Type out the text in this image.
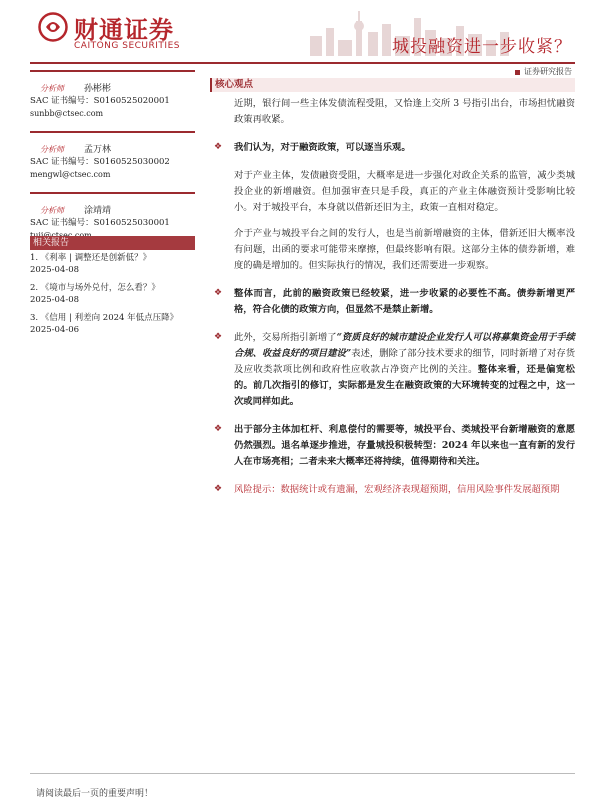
财通证券
CAITONG SECURITIES	城投融资进一步收紧？
证券研究报告
分析师 孙彬彬
SAC 证书编号：S0160525020001
sunbb@ctsec.com
分析师 孟万林
SAC 证书编号：S0160525030002
mengwl@ctsec.com
分析师 涂靖靖
SAC 证书编号：S0160525030001
相关报告
1. 《利率 | 调整还是创新低？》
2025-04-08
2. 《境市与场外兑付，怎么看？》
2025-04-08
3. 《信用 | 利差向 2024 年低点压降》
2025-04-06
核心观点

近期，银行间一些主体发债流程受阻，又恰逢上交所 3 号指引出台，市场担忧融资政策再收紧。

❖ 我们认为，对于融资政策，可以逐当乐观。

对于产业主体，发债融资受阻，大概率是进一步强化对政企关系的监管，减少类城投企业的新增融资。但加强审查只是手段，真正的产业主体融资预计受影响比较小。对于城投平台，本身就以借新还旧为主，政策一直相对稳定。

介于产业与城投平台之间的发行人，也是当前新增融资的主体，借新还旧大概率没有问题，出函的要求可能带来摩擦，但最终影响有限。这部分主体的债券新增，难度的确是增加的。但实际执行的情况，我们还需要进一步观察。

❖ 整体而言，此前的融资政策已经较紧，进一步收紧的必要性不高。债券新增更严格，符合化债的政策方向，但显然不是禁止新增。

❖ 此外，交易所指引新增了“资质良好的城市建设企业发行人可以将募集资金用于手续合规、收益良好的项目建设”表述，删除了部分技术要求的细节，同时新增了对存货及应收类款项比例和政府性应收款占净资产比例的关注。整体来看，还是偏宽松的。前几次指引的修订，实际都是发生在融资政策的大环境转变的过程之中，这一次或同样如此。

❖ 出于部分主体加杠杆、利息偿付的需要等，城投平台、类城投平台新增融资的意愿仍然强烈。退名单逐步推进，存量城投积极转型：2024 年以来也一直有新的发行人在市场亮相；二者未来大概率还将持续，值得期待和关注。

❖ 风险提示：数据统计或有遗漏，宏观经济表现超预期，信用风险事件发展超预期

请阅读最后一页的重要声明！
